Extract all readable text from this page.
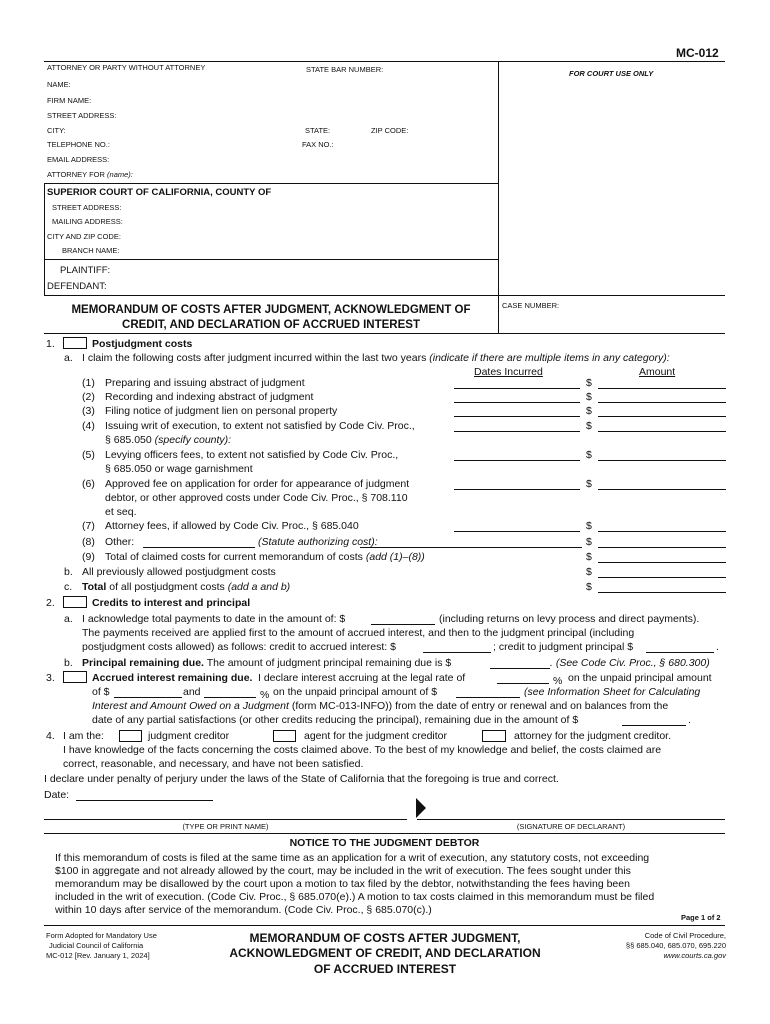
MC-012
ATTORNEY OR PARTY WITHOUT ATTORNEY	STATE BAR NUMBER:	FOR COURT USE ONLY
NAME:
FIRM NAME:
STREET ADDRESS:
CITY:	STATE:	ZIP CODE:
TELEPHONE NO.:	FAX NO.:
EMAIL ADDRESS:
ATTORNEY FOR (name):
SUPERIOR COURT OF CALIFORNIA, COUNTY OF
STREET ADDRESS:
MAILING ADDRESS:
CITY AND ZIP CODE:
BRANCH NAME:
PLAINTIFF:
DEFENDANT:
MEMORANDUM OF COSTS AFTER JUDGMENT, ACKNOWLEDGMENT OF
CREDIT, AND DECLARATION OF ACCRUED INTEREST
CASE NUMBER:
1.	Postjudgment costs
a. I claim the following costs after judgment incurred within the last two years (indicate if there are multiple items in any category):
Dates Incurred	Amount
(1) Preparing and issuing abstract of judgment	$
(2) Recording and indexing abstract of judgment	$
(3) Filing notice of judgment lien on personal property	$
(4) Issuing writ of execution, to extent not satisfied by Code Civ. Proc.,
§ 685.050 (specify county):
$
(5) Levying officers fees, to extent not satisfied by Code Civ. Proc.,
§ 685.050 or wage garnishment
$
(6) Approved fee on application for order for appearance of judgment
debtor, or other approved costs under Code Civ. Proc., § 708.110
et seq.
$
(7) Attorney fees, if allowed by Code Civ. Proc., § 685.040	$
(8) Other:	(Statute authorizing cost):	$
(9) Total of claimed costs for current memorandum of costs (add (1)–(8))	$
b. All previously allowed postjudgment costs	$
c. Total of all postjudgment costs (add a and b)	$
2.	Credits to interest and principal
a. I acknowledge total payments to date in the amount of: $	(including returns on levy process and direct payments).
The payments received are applied first to the amount of accrued interest, and then to the judgment principal (including
postjudgment costs allowed) as follows: credit to accrued interest: $	; credit to judgment principal $	.
b. Principal remaining due. The amount of judgment principal remaining due is $	. (See Code Civ. Proc., § 680.300)
3.	Accrued interest remaining due. I declare interest accruing at the legal rate of	% on the unpaid principal amount
of $	and	% on the unpaid principal amount of $	(see Information Sheet for Calculating
Interest and Amount Owed on a Judgment (form MC-013-INFO)) from the date of entry or renewal and on balances from the
date of any partial satisfactions (or other credits reducing the principal), remaining due in the amount of $	.
4. I am the:	judgment creditor	agent for the judgment creditor	attorney for the judgment creditor.
I have knowledge of the facts concerning the costs claimed above. To the best of my knowledge and belief, the costs claimed are
correct, reasonable, and necessary, and have not been satisfied.
I declare under penalty of perjury under the laws of the State of California that the foregoing is true and correct.
Date:
(TYPE OR PRINT NAME)	(SIGNATURE OF DECLARANT)
NOTICE TO THE JUDGMENT DEBTOR
If this memorandum of costs is filed at the same time as an application for a writ of execution, any statutory costs, not exceeding
$100 in aggregate and not already allowed by the court, may be included in the writ of execution. The fees sought under this
memorandum may be disallowed by the court upon a motion to tax filed by the debtor, notwithstanding the fees having been
included in the writ of execution. (Code Civ. Proc., § 685.070(e).) A motion to tax costs claimed in this memorandum must be filed
within 10 days after service of the memorandum. (Code Civ. Proc., § 685.070(c).)
Page 1 of 2
Form Adopted for Mandatory Use
Judicial Council of California
MC-012 [Rev. January 1, 2024]
MEMORANDUM OF COSTS AFTER JUDGMENT,
ACKNOWLEDGMENT OF CREDIT, AND DECLARATION
OF ACCRUED INTEREST
Code of Civil Procedure,
§§ 685.040, 685.070, 695.220
www.courts.ca.gov
